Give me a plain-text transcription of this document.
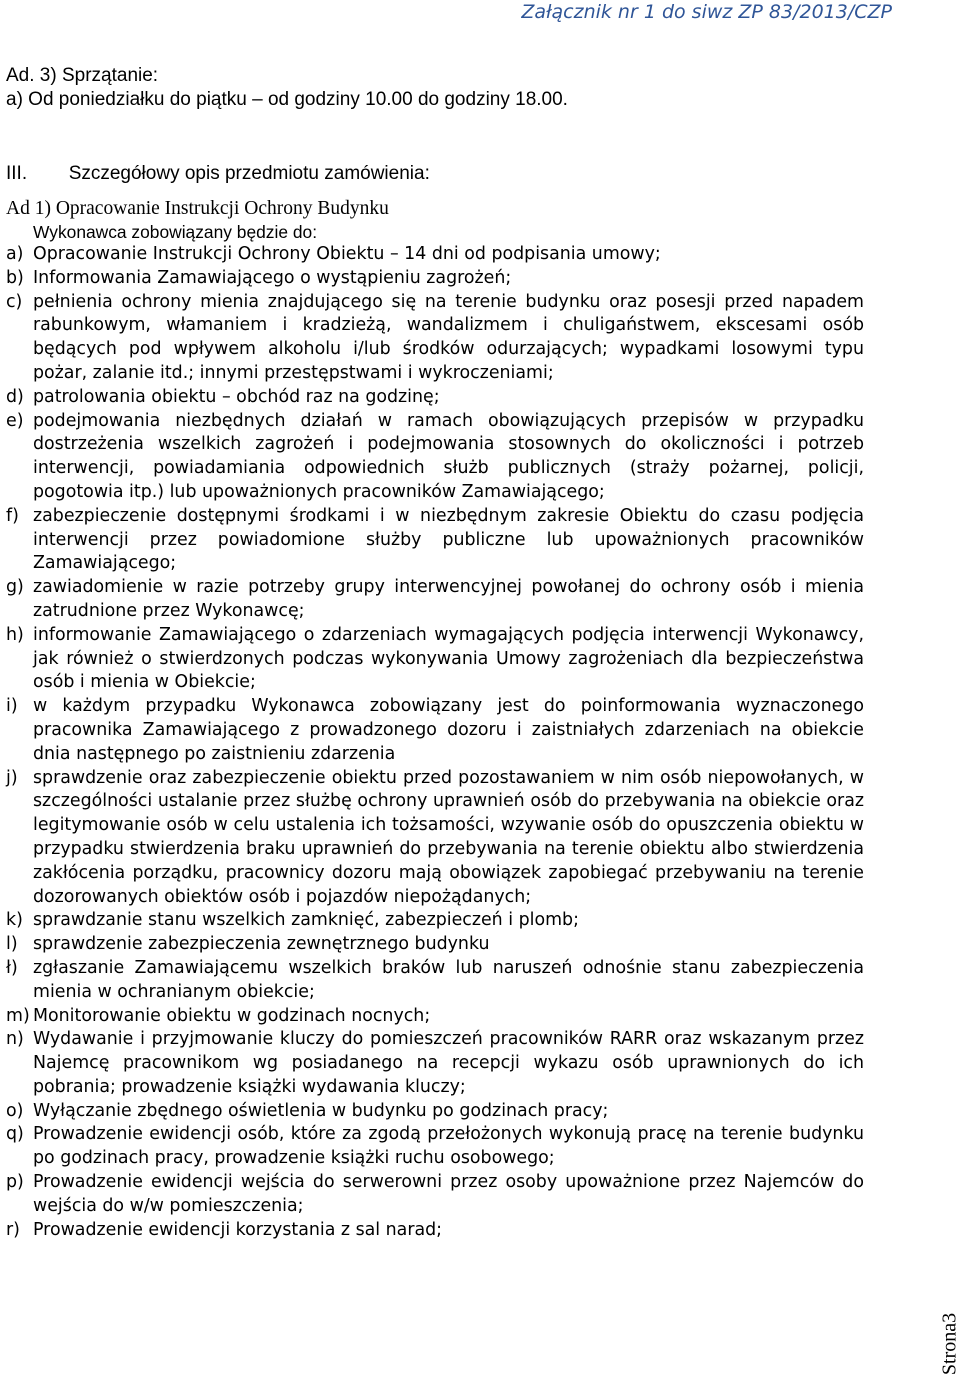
Załącznik nr 1 do siwz ZP 83/2013/CZP
Ad. 3) Sprzątanie:
a) Od poniedziałku do piątku – od godziny 10.00 do godziny 18.00.
III. Szczegółowy opis przedmiotu zamówienia:
Ad 1) Opracowanie Instrukcji Ochrony Budynku
Wykonawca zobowiązany będzie do:
a) Opracowanie Instrukcji Ochrony Obiektu – 14 dni od podpisania umowy;
b) Informowania Zamawiającego o wystąpieniu zagrożeń;
c) pełnienia ochrony mienia znajdującego się na terenie budynku oraz posesji przed napadem rabunkowym, włamaniem i kradzieżą, wandalizmem i chuligaństwem, ekscesami osób będących pod wpływem alkoholu i/lub środków odurzających; wypadkami losowymi typu pożar, zalanie itd.; innymi przestępstwami i wykroczeniami;
d) patrolowania obiektu – obchód raz na godzinę;
e) podejmowania niezbędnych działań w ramach obowiązujących przepisów w przypadku dostrzeżenia wszelkich zagrożeń i podejmowania stosownych do okoliczności i potrzeb interwencji, powiadamiania odpowiednich służb publicznych (straży pożarnej, policji, pogotowia itp.) lub upoważnionych pracowników Zamawiającego;
f) zabezpieczenie dostępnymi środkami i w niezbędnym zakresie Obiektu do czasu podjęcia interwencji przez powiadomione służby publiczne lub upoważnionych pracowników Zamawiającego;
g) zawiadomienie w razie potrzeby grupy interwencyjnej powołanej do ochrony osób i mienia zatrudnione przez Wykonawcę;
h) informowanie Zamawiającego o zdarzeniach wymagających podjęcia interwencji Wykonawcy, jak również o stwierdzonych podczas wykonywania Umowy zagrożeniach dla bezpieczeństwa osób i mienia w Obiekcie;
i) w każdym przypadku Wykonawca zobowiązany jest do poinformowania wyznaczonego pracownika Zamawiającego z prowadzonego dozoru i zaistniałych zdarzeniach na obiekcie dnia następnego po zaistnieniu zdarzenia
j) sprawdzenie oraz zabezpieczenie obiektu przed pozostawaniem w nim osób niepowołanych, w szczególności ustalanie przez służbę ochrony uprawnień osób do przebywania na obiekcie oraz legitymowanie osób w celu ustalenia ich tożsamości, wzywanie osób do opuszczenia obiektu w przypadku stwierdzenia braku uprawnień do przebywania na terenie obiektu albo stwierdzenia zakłócenia porządku, pracownicy dozoru mają obowiązek zapobiegać przebywaniu na terenie dozorowanych obiektów osób i pojazdów niepożądanych;
k) sprawdzanie stanu wszelkich zamknięć, zabezpieczeń i plomb;
l) sprawdzenie zabezpieczenia zewnętrznego budynku
ł) zgłaszanie Zamawiającemu wszelkich braków lub naruszeń odnośnie stanu zabezpieczenia mienia w ochranianym obiekcie;
m) Monitorowanie obiektu w godzinach nocnych;
n) Wydawanie i przyjmowanie kluczy do pomieszczeń pracowników RARR oraz wskazanym przez Najemcę pracownikom wg posiadanego na recepcji wykazu osób uprawnionych do ich pobrania; prowadzenie książki wydawania kluczy;
o) Wyłączanie zbędnego oświetlenia w budynku po godzinach pracy;
q) Prowadzenie ewidencji osób, które za zgodą przełożonych wykonują pracę na terenie budynku po godzinach pracy, prowadzenie książki ruchu osobowego;
p) Prowadzenie ewidencji wejścia do serwerowni przez osoby upoważnione przez Najemców do wejścia do w/w pomieszczenia;
r) Prowadzenie ewidencji korzystania z sal narad;
Strona3
